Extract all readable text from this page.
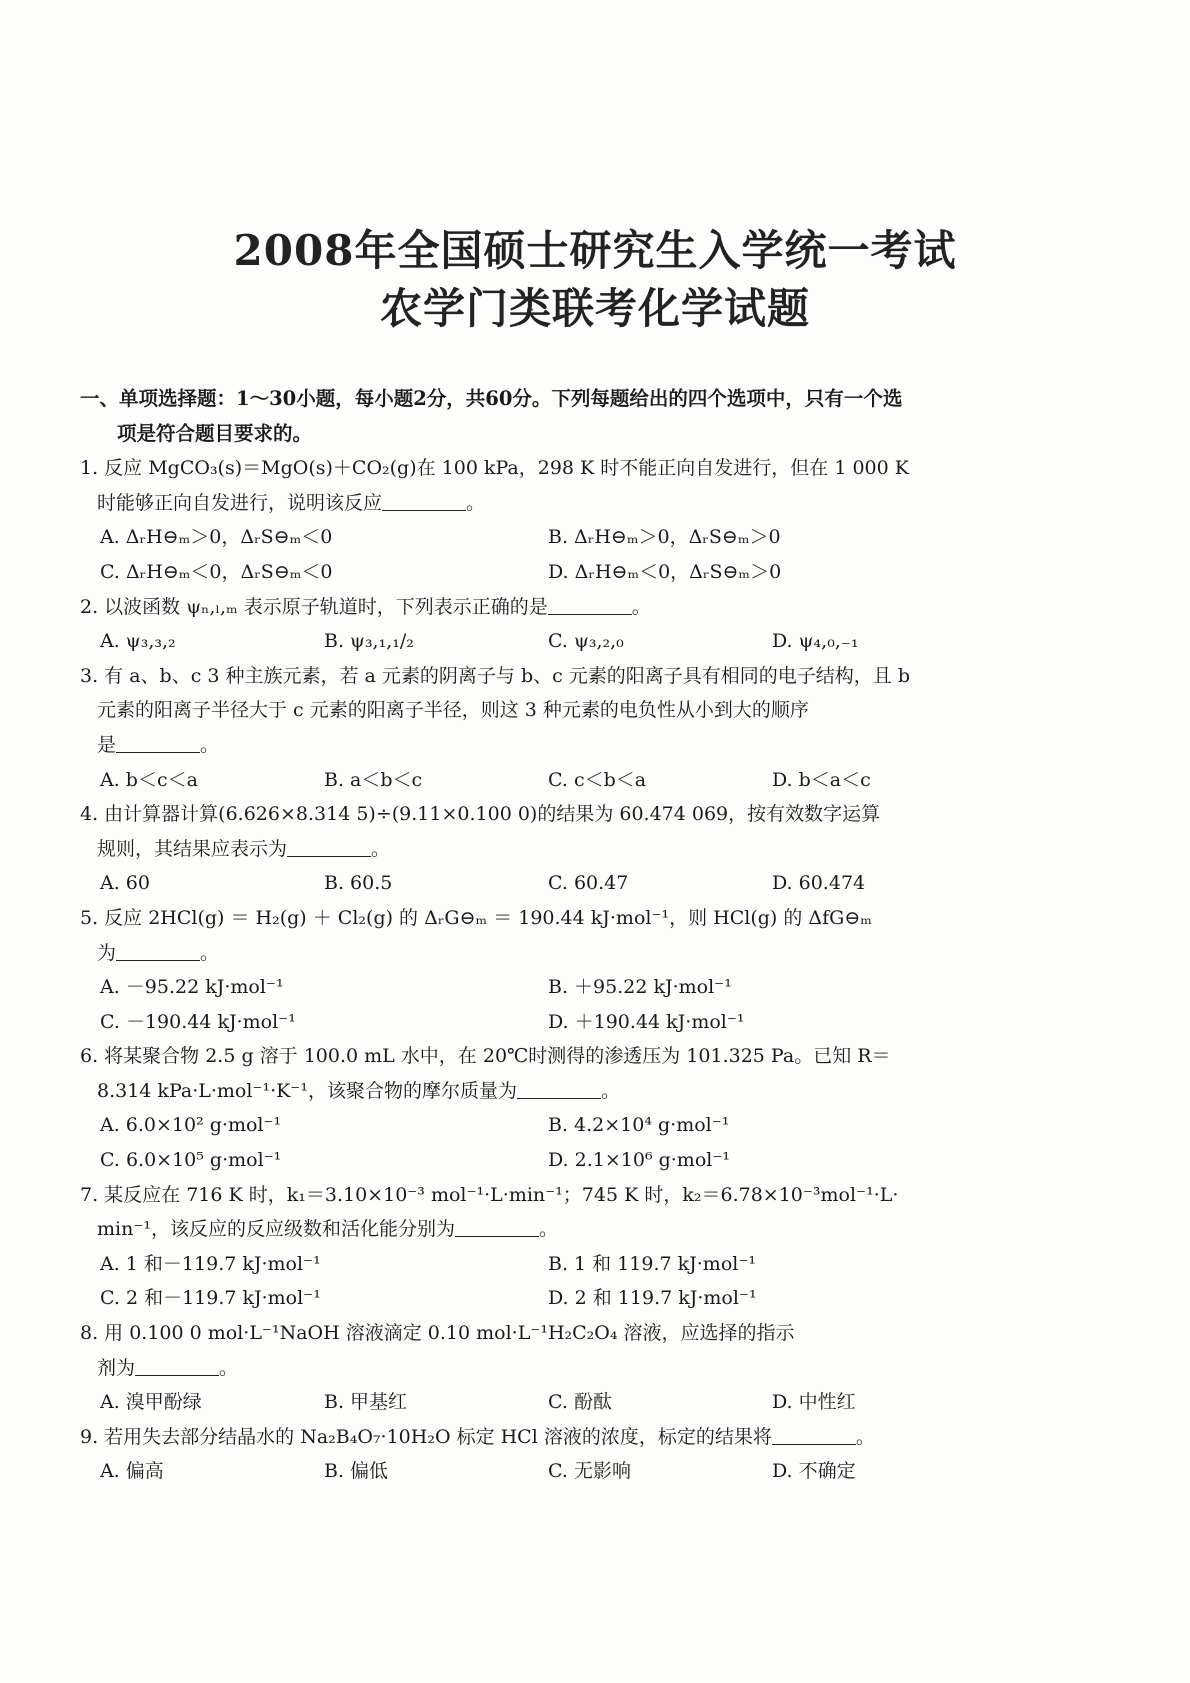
2008年全国硕士研究生入学统一考试
农学门类联考化学试题
一、单项选择题：1～30小题，每小题2分，共60分。下列每题给出的四个选项中，只有一个选
项是符合题目要求的。
1. 反应 MgCO₃(s)＝MgO(s)＋CO₂(g)在 100 kPa，298 K 时不能正向自发进行，但在 1 000 K
时能够正向自发进行，说明该反应	。
A. ΔᵣH⊖ₘ＞0，ΔᵣS⊖ₘ＜0	B. ΔᵣH⊖ₘ＞0，ΔᵣS⊖ₘ＞0
C. ΔᵣH⊖ₘ＜0，ΔᵣS⊖ₘ＜0	D. ΔᵣH⊖ₘ＜0，ΔᵣS⊖ₘ＞0
2. 以波函数 ψₙ,ₗ,ₘ 表示原子轨道时，下列表示正确的是	。
A. ψ₃,₃,₂	B. ψ₃,₁,₁/₂	C. ψ₃,₂,₀	D. ψ₄,₀,₋₁
3. 有 a、b、c 3 种主族元素，若 a 元素的阴离子与 b、c 元素的阳离子具有相同的电子结构，且 b
元素的阳离子半径大于 c 元素的阳离子半径，则这 3 种元素的电负性从小到大的顺序
是	。
A. b＜c＜a	B. a＜b＜c	C. c＜b＜a	D. b＜a＜c
4. 由计算器计算(6.626×8.314 5)÷(9.11×0.100 0)的结果为 60.474 069，按有效数字运算
规则，其结果应表示为	。
A. 60	B. 60.5	C. 60.47	D. 60.474
5. 反应 2HCl(g) ＝ H₂(g) ＋ Cl₂(g) 的 ΔᵣG⊖ₘ ＝ 190.44 kJ·mol⁻¹，则 HCl(g) 的 ΔfG⊖ₘ
为	。
A. －95.22 kJ·mol⁻¹	B. ＋95.22 kJ·mol⁻¹
C. －190.44 kJ·mol⁻¹	D. ＋190.44 kJ·mol⁻¹
6. 将某聚合物 2.5 g 溶于 100.0 mL 水中，在 20℃时测得的渗透压为 101.325 Pa。已知 R＝
8.314 kPa·L·mol⁻¹·K⁻¹，该聚合物的摩尔质量为	。
A. 6.0×10² g·mol⁻¹	B. 4.2×10⁴ g·mol⁻¹
C. 6.0×10⁵ g·mol⁻¹	D. 2.1×10⁶ g·mol⁻¹
7. 某反应在 716 K 时，k₁＝3.10×10⁻³ mol⁻¹·L·min⁻¹；745 K 时，k₂＝6.78×10⁻³mol⁻¹·L·
min⁻¹，该反应的反应级数和活化能分别为	。
A. 1 和－119.7 kJ·mol⁻¹	B. 1 和 119.7 kJ·mol⁻¹
C. 2 和－119.7 kJ·mol⁻¹	D. 2 和 119.7 kJ·mol⁻¹
8. 用 0.100 0 mol·L⁻¹NaOH 溶液滴定 0.10 mol·L⁻¹H₂C₂O₄ 溶液，应选择的指示
剂为	。
A. 溴甲酚绿	B. 甲基红	C. 酚酞	D. 中性红
9. 若用失去部分结晶水的 Na₂B₄O₇·10H₂O 标定 HCl 溶液的浓度，标定的结果将	。
A. 偏高	B. 偏低	C. 无影响	D. 不确定
